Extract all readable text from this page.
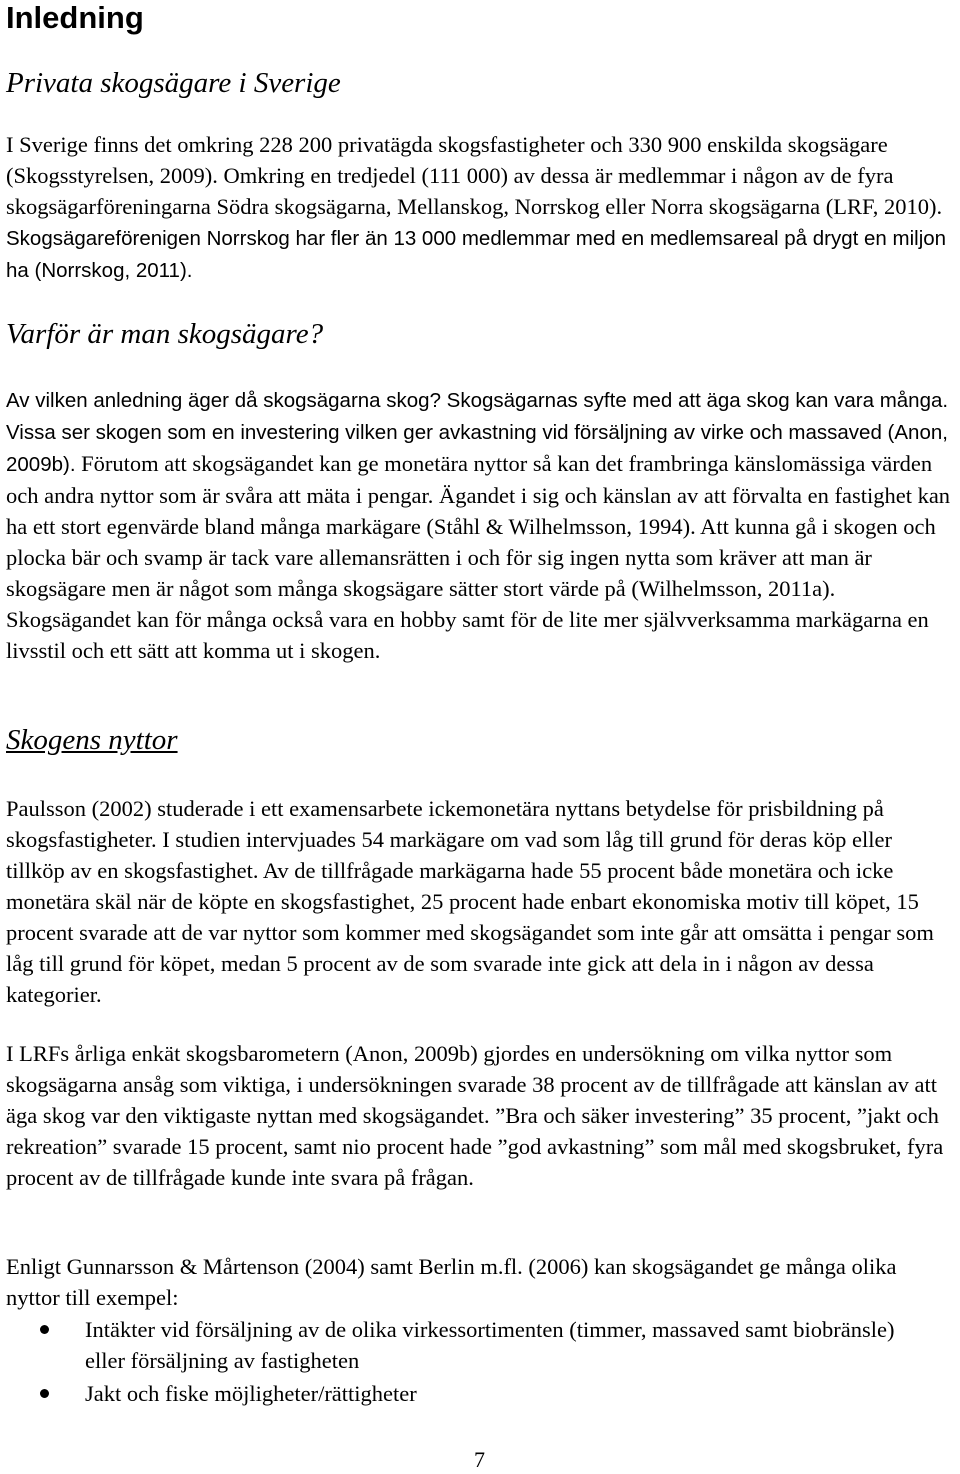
Inledning
Privata skogsägare i Sverige
I Sverige finns det omkring 228 200 privatägda skogsfastigheter och 330 900 enskilda skogsägare (Skogsstyrelsen, 2009). Omkring en tredjedel (111 000) av dessa är medlemmar i någon av de fyra skogsägarföreningarna Södra skogsägarna, Mellanskog, Norrskog eller Norra skogsägarna (LRF, 2010). Skogsägareförenigen Norrskog har fler än 13 000 medlemmar med en medlemsareal på drygt en miljon ha (Norrskog, 2011).
Varför är man skogsägare?
Av vilken anledning äger då skogsägarna skog? Skogsägarnas syfte med att äga skog kan vara många. Vissa ser skogen som en investering vilken ger avkastning vid försäljning av virke och massaved (Anon, 2009b). Förutom att skogsägandet kan ge monetära nyttor så kan det frambringa känslomässiga värden och andra nyttor som är svåra att mäta i pengar. Ägandet i sig och känslan av att förvalta en fastighet kan ha ett stort egenvärde bland många markägare (Ståhl & Wilhelmsson, 1994). Att kunna gå i skogen och plocka bär och svamp är tack vare allemansrätten i och för sig ingen nytta som kräver att man är skogsägare men är något som många skogsägare sätter stort värde på (Wilhelmsson, 2011a). Skogsägandet kan för många också vara en hobby samt för de lite mer självverksamma markägarna en livsstil och ett sätt att komma ut i skogen.
Skogens nyttor
Paulsson (2002) studerade i ett examensarbete ickemonetära nyttans betydelse för prisbildning på skogsfastigheter. I studien intervjuades 54 markägare om vad som låg till grund för deras köp eller tillköp av en skogsfastighet. Av de tillfrågade markägarna hade 55 procent både monetära och icke monetära skäl när de köpte en skogsfastighet, 25 procent hade enbart ekonomiska motiv till köpet, 15 procent svarade att de var nyttor som kommer med skogsägandet som inte går att omsätta i pengar som låg till grund för köpet, medan 5 procent av de som svarade inte gick att dela in i någon av dessa kategorier.
I LRFs årliga enkät skogsbarometern (Anon, 2009b) gjordes en undersökning om vilka nyttor som skogsägarna ansåg som viktiga, i undersökningen svarade 38 procent av de tillfrågade att känslan av att äga skog var den viktigaste nyttan med skogsägandet. ”Bra och säker investering” 35 procent, ”jakt och rekreation” svarade 15 procent, samt nio procent hade ”god avkastning” som mål med skogsbruket, fyra procent av de tillfrågade kunde inte svara på frågan.
Enligt Gunnarsson & Mårtenson (2004) samt Berlin m.fl. (2006) kan skogsägandet ge många olika nyttor till exempel:
Intäkter vid försäljning av de olika virkessortimenten (timmer, massaved samt biobränsle) eller försäljning av fastigheten
Jakt och fiske möjligheter/rättigheter
7
